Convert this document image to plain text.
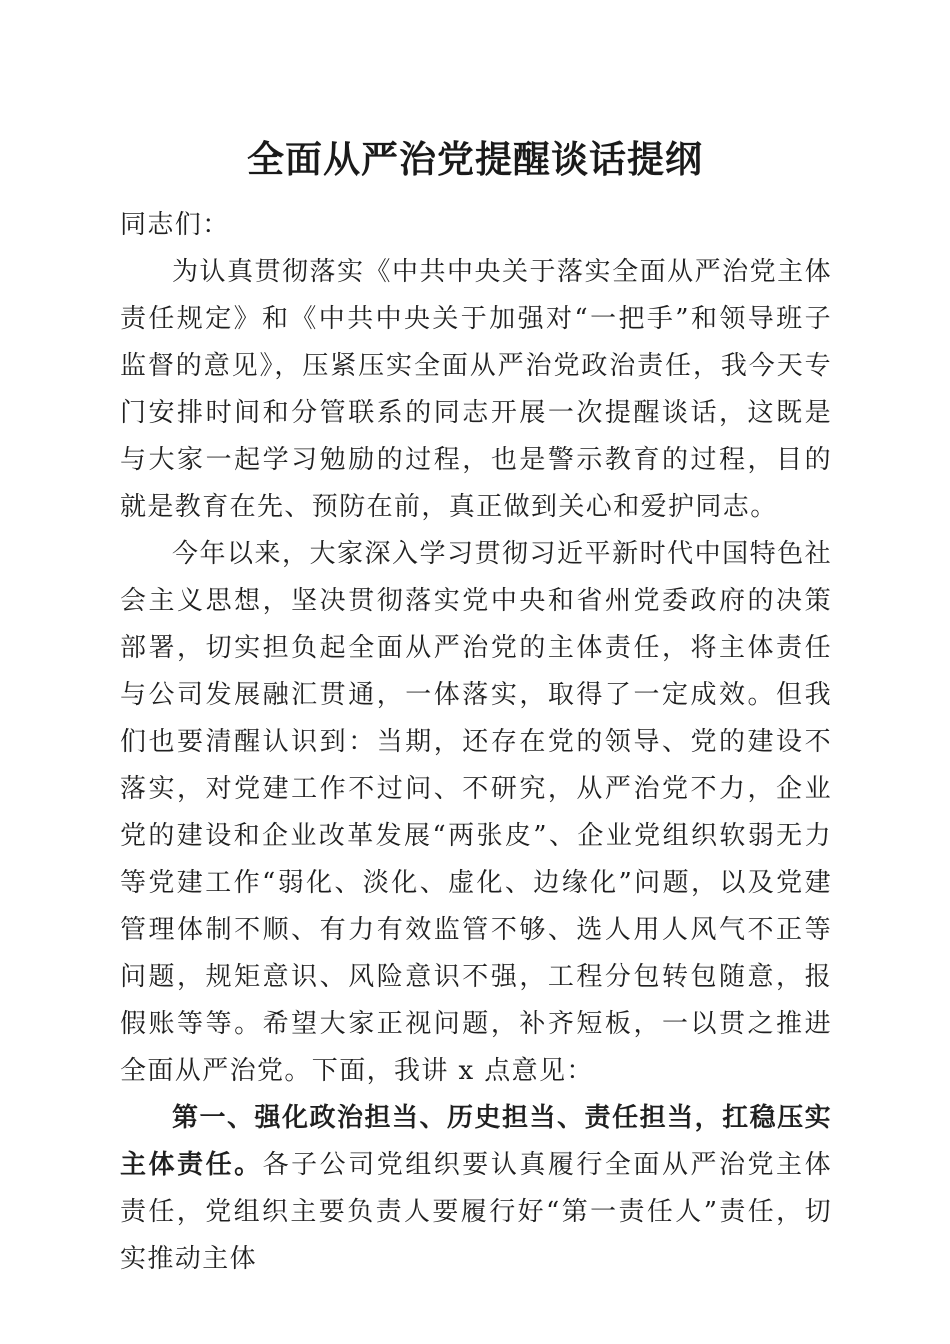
全面从严治党提醒谈话提纲

同志们：

为认真贯彻落实《中共中央关于落实全面从严治党主体责任规定》和《中共中央关于加强对“一把手”和领导班子监督的意见》，压紧压实全面从严治党政治责任，我今天专门安排时间和分管联系的同志开展一次提醒谈话，这既是与大家一起学习勉励的过程，也是警示教育的过程，目的就是教育在先、预防在前，真正做到关心和爱护同志。

今年以来，大家深入学习贯彻习近平新时代中国特色社会主义思想，坚决贯彻落实党中央和省州党委政府的决策部署，切实担负起全面从严治党的主体责任，将主体责任与公司发展融汇贯通，一体落实，取得了一定成效。但我们也要清醒认识到：当期，还存在党的领导、党的建设不落实，对党建工作不过问、不研究，从严治党不力，企业党的建设和企业改革发展“两张皮”、企业党组织软弱无力等党建工作“弱化、淡化、虚化、边缘化”问题，以及党建管理体制不顺、有力有效监管不够、选人用人风气不正等问题，规矩意识、风险意识不强，工程分包转包随意，报假账等等。希望大家正视问题，补齐短板，一以贯之推进全面从严治党。下面，我讲 x 点意见：

第一、强化政治担当、历史担当、责任担当，扛稳压实主体责任。各子公司党组织要认真履行全面从严治党主体责任，党组织主要负责人要履行好“第一责任人”责任，切实推动主体
